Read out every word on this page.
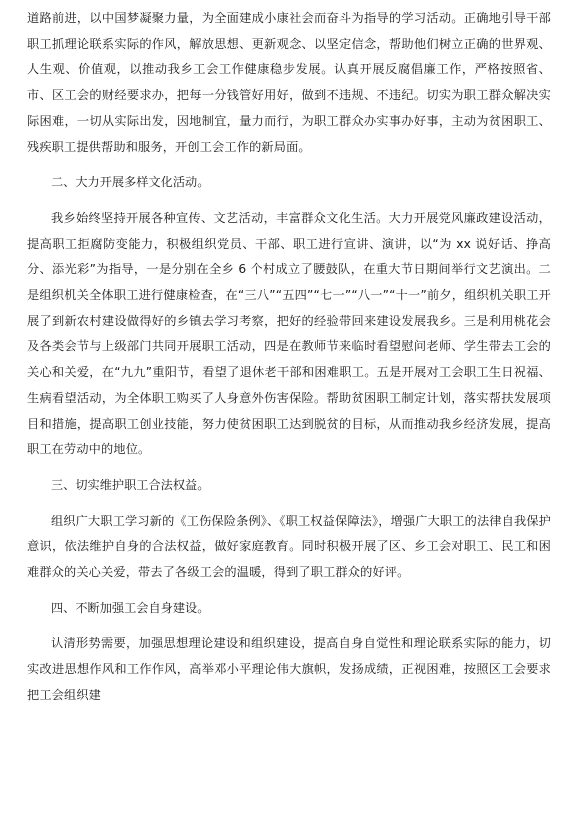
道路前进，以中国梦凝聚力量，为全面建成小康社会而奋斗为指导的学习活动。正确地引导干部职工抓理论联系实际的作风，解放思想、更新观念、以坚定信念，帮助他们树立正确的世界观、人生观、价值观，以推动我乡工会工作健康稳步发展。认真开展反腐倡廉工作，严格按照省、市、区工会的财经要求办，把每一分钱管好用好，做到不违规、不违纪。切实为职工群众解决实际困难，一切从实际出发，因地制宜，量力而行，为职工群众办实事办好事，主动为贫困职工、残疾职工提供帮助和服务，开创工会工作的新局面。

二、大力开展多样文化活动。

我乡始终坚持开展各种宣传、文艺活动，丰富群众文化生活。大力开展党风廉政建设活动，提高职工拒腐防变能力，积极组织党员、干部、职工进行宣讲、演讲，以“为 xx 说好话、挣高分、添光彩”为指导，一是分别在全乡 6 个村成立了腰鼓队，在重大节日期间举行文艺演出。二是组织机关全体职工进行健康检查，在“三八”“五四”“七一”“八一”“十一”前夕，组织机关职工开展了到新农村建设做得好的乡镇去学习考察，把好的经验带回来建设发展我乡。三是利用桃花会及各类会节与上级部门共同开展职工活动，四是在教师节来临时看望慰问老师、学生带去工会的关心和关爱，在“九九”重阳节，看望了退休老干部和困难职工。五是开展对工会职工生日祝福、生病看望活动，为全体职工购买了人身意外伤害保险。帮助贫困职工制定计划，落实帮扶发展项目和措施，提高职工创业技能，努力使贫困职工达到脱贫的目标，从而推动我乡经济发展，提高职工在劳动中的地位。

三、切实维护职工合法权益。

组织广大职工学习新的《工伤保险条例》、《职工权益保障法》，增强广大职工的法律自我保护意识，依法维护自身的合法权益，做好家庭教育。同时积极开展了区、乡工会对职工、民工和困难群众的关心关爱，带去了各级工会的温暖，得到了职工群众的好评。

四、不断加强工会自身建设。

认清形势需要，加强思想理论建设和组织建设，提高自身自觉性和理论联系实际的能力，切实改进思想作风和工作作风，高举邓小平理论伟大旗帜，发扬成绩，正视困难，按照区工会要求把工会组织建
